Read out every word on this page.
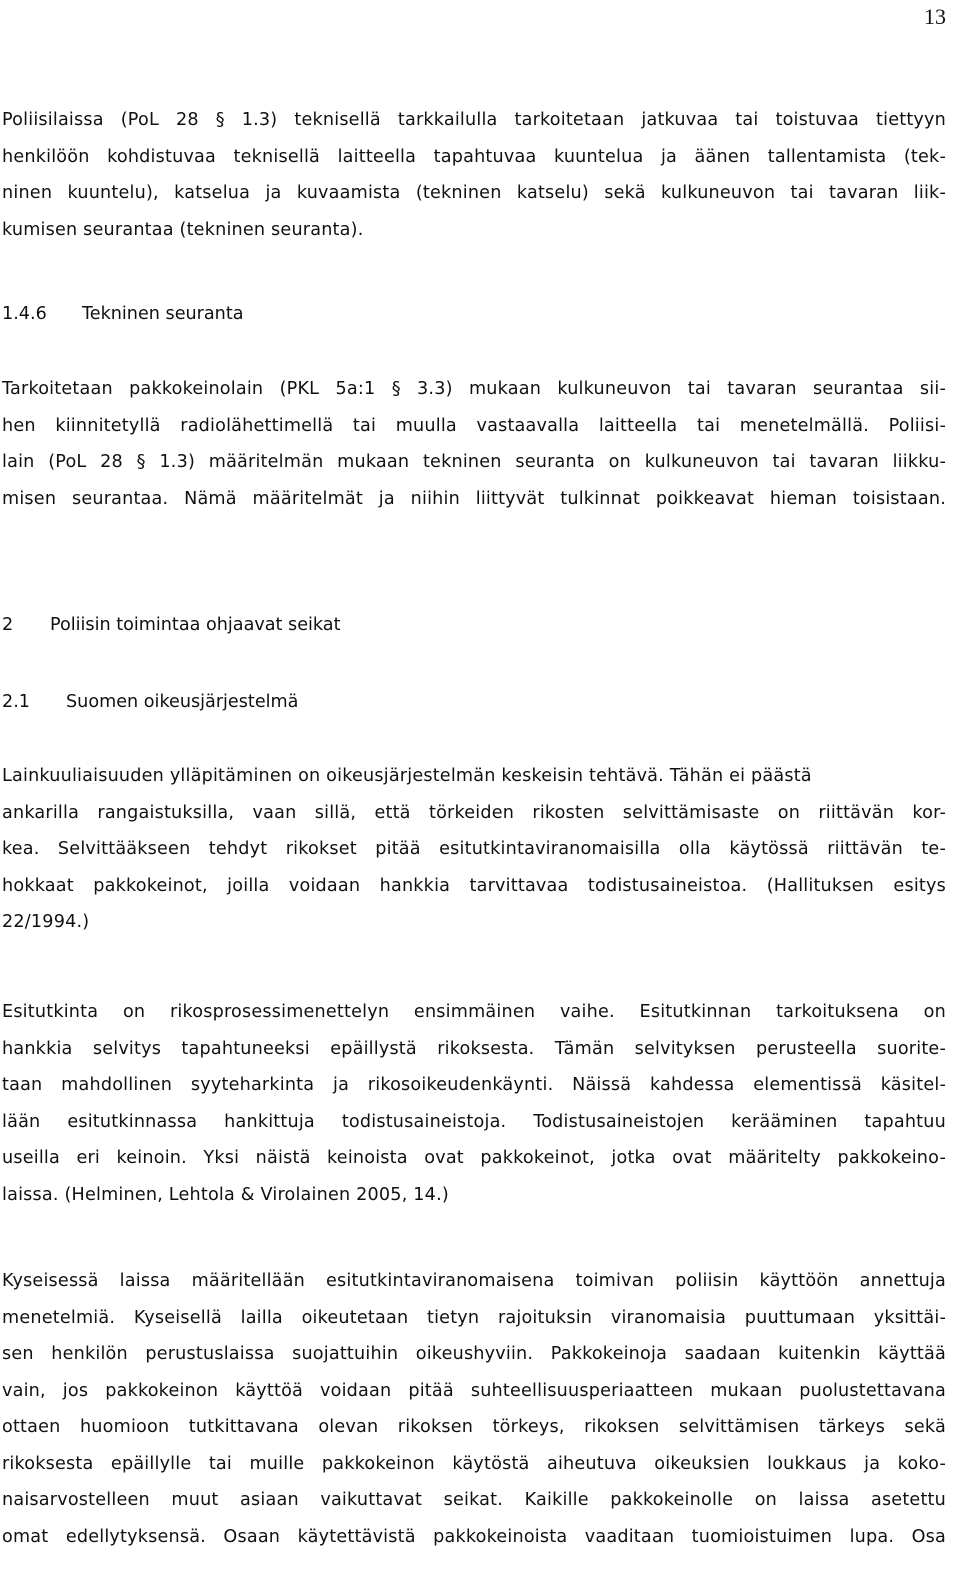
13
Poliisilaissa (PoL 28 § 1.3) teknisellä tarkkailulla tarkoitetaan jatkuvaa tai toistuvaa tiettyyn
henkilöön kohdistuvaa teknisellä laitteella tapahtuvaa kuuntelua ja äänen tallentamista (tek-
ninen kuuntelu), katselua ja kuvaamista (tekninen katselu) sekä kulkuneuvon tai tavaran liik-
kumisen seurantaa (tekninen seuranta).
1.4.6 Tekninen seuranta
Tarkoitetaan pakkokeinolain (PKL 5a:1 § 3.3) mukaan kulkuneuvon tai tavaran seurantaa sii-
hen kiinnitetyllä radiolähettimellä tai muulla vastaavalla laitteella tai menetelmällä. Poliisi-
lain (PoL 28 § 1.3) määritelmän mukaan tekninen seuranta on kulkuneuvon tai tavaran liikku-
misen seurantaa. Nämä määritelmät ja niihin liittyvät tulkinnat poikkeavat hieman toisistaan.
2 Poliisin toimintaa ohjaavat seikat
2.1 Suomen oikeusjärjestelmä
Lainkuuliaisuuden ylläpitäminen on oikeusjärjestelmän keskeisin tehtävä. Tähän ei päästä
ankarilla rangaistuksilla, vaan sillä, että törkeiden rikosten selvittämisaste on riittävän kor-
kea. Selvittääkseen tehdyt rikokset pitää esitutkintaviranomaisilla olla käytössä riittävän te-
hokkaat pakkokeinot, joilla voidaan hankkia tarvittavaa todistusaineistoa. (Hallituksen esitys
22/1994.)
Esitutkinta on rikosprosessimenettelyn ensimmäinen vaihe. Esitutkinnan tarkoituksena on
hankkia selvitys tapahtuneeksi epäillystä rikoksesta. Tämän selvityksen perusteella suorite-
taan mahdollinen syyteharkinta ja rikosoikeudenkäynti. Näissä kahdessa elementissä käsitel-
lään esitutkinnassa hankittuja todistusaineistoja. Todistusaineistojen kerääminen tapahtuu
useilla eri keinoin. Yksi näistä keinoista ovat pakkokeinot, jotka ovat määritelty pakkokeino-
laissa. (Helminen, Lehtola & Virolainen 2005, 14.)
Kyseisessä laissa määritellään esitutkintaviranomaisena toimivan poliisin käyttöön annettuja
menetelmiä. Kyseisellä lailla oikeutetaan tietyn rajoituksin viranomaisia puuttumaan yksittäi-
sen henkilön perustuslaissa suojattuihin oikeushyviin. Pakkokeinoja saadaan kuitenkin käyttää
vain, jos pakkokeinon käyttöä voidaan pitää suhteellisuusperiaatteen mukaan puolustettavana
ottaen huomioon tutkittavana olevan rikoksen törkeys, rikoksen selvittämisen tärkeys sekä
rikoksesta epäillylle tai muille pakkokeinon käytöstä aiheutuva oikeuksien loukkaus ja koko-
naisarvostelleen muut asiaan vaikuttavat seikat. Kaikille pakkokeinolle on laissa asetettu
omat edellytyksensä. Osaan käytettävistä pakkokeinoista vaaditaan tuomioistuimen lupa. Osa
